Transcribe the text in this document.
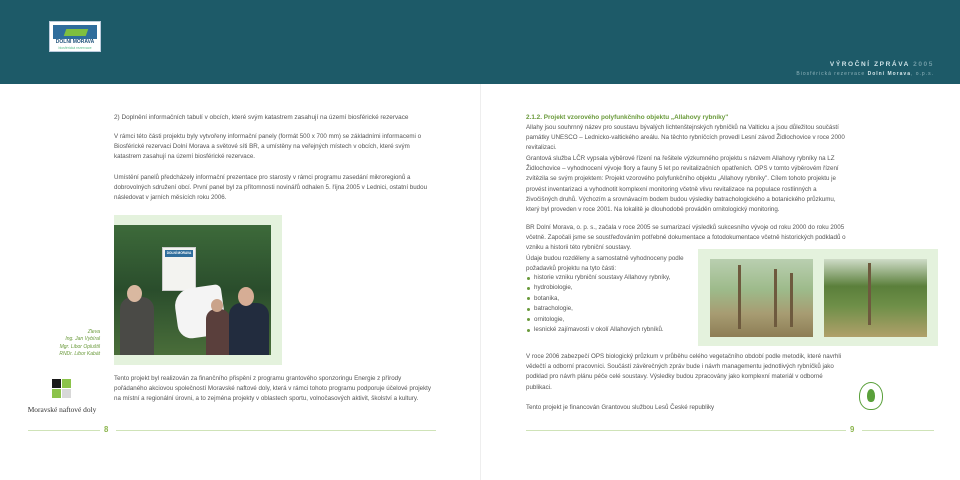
DOLNÍ MORAVA
biosférická rezervace
VÝROČNÍ ZPRÁVA 2005
Biosférická rezervace Dolní Morava, o.p.s.
2) Doplnění informačních tabulí v obcích, které svým katastrem zasahují na území biosférické rezervace
V rámci této části projektu byly vytvořeny informační panely (formát 500 x 700 mm) se základními informacemi o Biosférické rezervaci Dolní Morava a světové síti BR, a umístěny na veřejných místech v obcích, které svým katastrem zasahují na území biosférické rezervace.
Umístění panelů předcházely informační prezentace pro starosty v rámci programu zasedání mikroregionů a dobrovolných sdružení obcí. První panel byl za přítomnosti novinářů odhalen 5. října 2005 v Lednici, ostatní budou následovat v jarních měsících roku 2006.
DOLNÍ MORAVA
Zleva
Ing. Jan Vybíral
Mgr. Libor Opluštil
RNDr. Libor Kabát
Moravské naftové doly
Tento projekt byl realizován za finančního přispění z programu grantového sponzoringu Energie z přírody pořádaného akciovou společností Moravské naftové doly, která v rámci tohoto programu podporuje účelové projekty na místní a regionální úrovni, a to zejména projekty v oblastech sportu, volnočasových aktivit, školství a kultury.
8
2.1.2. Projekt vzorového polyfunkčního objektu „Allahovy rybníky"
Allahy jsou souhrnný název pro soustavu bývalých lichtenštejnských rybníčků na Valticku a jsou důležitou součástí památky UNESCO – Lednicko-valtického areálu. Na těchto rybníčcích provedl Lesní závod Židlochovice v roce 2000 revitalizaci.
Grantová služba LČR vypsala výběrové řízení na řešitele výzkumného projektu s názvem Allahovy rybníky na LZ Židlochovice – vyhodnocení vývoje flory a fauny 5 let po revitalizačních opatřeních. OPS v tomto výběrovém řízení zvítězila se svým projektem: Projekt vzorového polyfunkčního objektu „Allahovy rybníky". Cílem tohoto projektu je provést inventarizaci a vyhodnotit komplexní monitoring včetně vlivu revitalizace na populace rostlinných a živočišných druhů. Výchozím a srovnávacím bodem budou výsledky batrachologického a botanického průzkumu, který byl proveden v roce 2001. Na lokalitě je dlouhodobě prováděn ornitologický monitoring.
BR Dolní Morava, o. p. s., začala v roce 2005 se sumarizací výsledků sukcesního vývoje od roku 2000 do roku 2005 včetně. Započali jsme se soustřeďováním potřebné dokumentace a fotodokumentace včetně historických podkladů o vzniku a historii této rybniční soustavy.
Údaje budou rozděleny a samostatně vyhodnoceny podle požadavků projektu na tyto části:
historie vzniku rybniční soustavy Allahovy rybníky,
hydrobiologie,
botanika,
batrachologie,
ornitologie,
lesnické zajímavosti v okolí Allahových rybníků.
V roce 2006 zabezpečí OPS biologický průzkum v průběhu celého vegetačního období podle metodik, které navrhli vědečtí a odborní pracovníci. Součástí závěrečných zpráv bude i návrh managementu jednotlivých rybníčků jako podklad pro návrh plánu péče celé soustavy. Výsledky budou zpracovány jako komplexní materiál v odborné publikaci.
Tento projekt je financován Grantovou službou Lesů České republiky
9
